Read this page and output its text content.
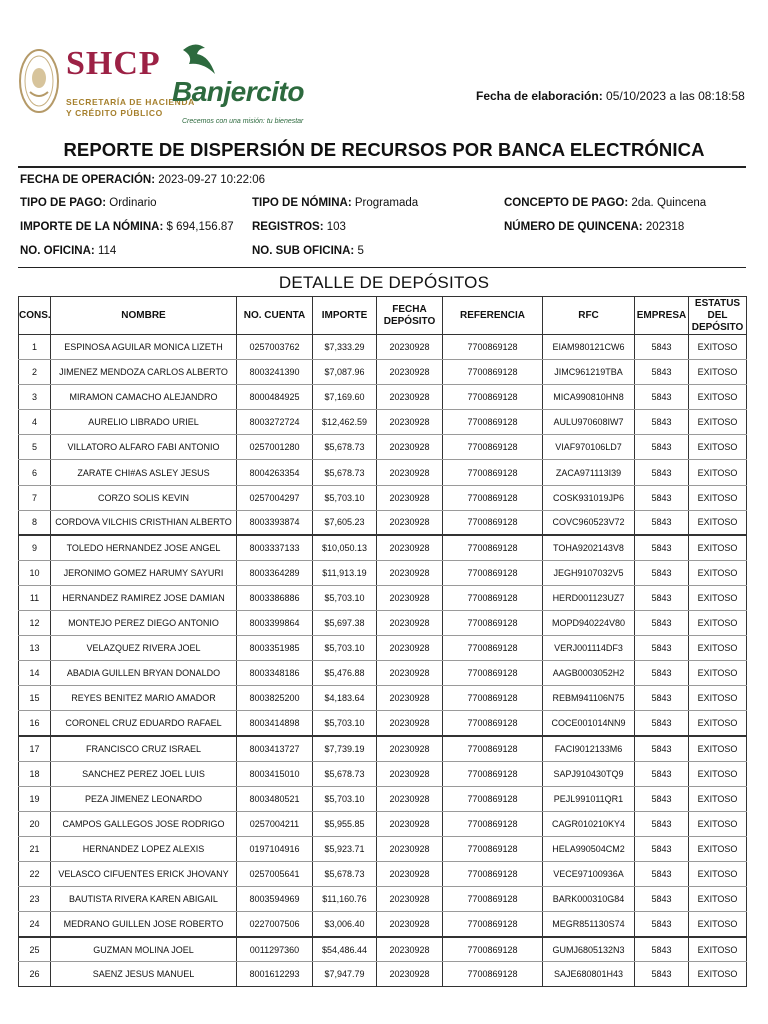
SHCP
SECRETARÍA DE HACIENDA
Y CRÉDITO PÚBLICO
Banjercito
Crecemos con una misión: tu bienestar
Fecha de elaboración: 05/10/2023 a las 08:18:58
REPORTE DE DISPERSIÓN DE RECURSOS POR BANCA ELECTRÓNICA
FECHA DE OPERACIÓN: 2023-09-27 10:22:06
TIPO DE PAGO: Ordinario	TIPO DE NÓMINA: Programada	CONCEPTO DE PAGO: 2da. Quincena
IMPORTE DE LA NÓMINA: $ 694,156.87 REGISTROS: 103	NÚMERO DE QUINCENA: 202318
NO. OFICINA: 114	NO. SUB OFICINA: 5
DETALLE DE DEPÓSITOS
CONS.	NOMBRE	NO. CUENTA	IMPORTE	FECHA
DEPÓSITO	REFERENCIA	RFC	EMPRESA	ESTATUS DEL
DEPÓSITO
1	ESPINOSA AGUILAR MONICA LIZETH	0257003762	$7,333.29	20230928	7700869128	EIAM980121CW6	5843	EXITOSO
2	JIMENEZ MENDOZA CARLOS ALBERTO	8003241390	$7,087.96	20230928	7700869128	JIMC961219TBA	5843	EXITOSO
3	MIRAMON CAMACHO ALEJANDRO	8000484925	$7,169.60	20230928	7700869128	MICA990810HN8	5843	EXITOSO
4	AURELIO LIBRADO URIEL	8003272724	$12,462.59	20230928	7700869128	AULU970608IW7	5843	EXITOSO
5	VILLATORO ALFARO FABI ANTONIO	0257001280	$5,678.73	20230928	7700869128	VIAF970106LD7	5843	EXITOSO
6	ZARATE CHI#AS ASLEY JESUS	8004263354	$5,678.73	20230928	7700869128	ZACA971113I39	5843	EXITOSO
7	CORZO SOLIS KEVIN	0257004297	$5,703.10	20230928	7700869128	COSK931019JP6	5843	EXITOSO
8	CORDOVA VILCHIS CRISTHIAN ALBERTO	8003393874	$7,605.23	20230928	7700869128	COVC960523V72	5843	EXITOSO
9	TOLEDO HERNANDEZ JOSE ANGEL	8003337133	$10,050.13	20230928	7700869128	TOHA9202143V8	5843	EXITOSO
10	JERONIMO GOMEZ HARUMY SAYURI	8003364289	$11,913.19	20230928	7700869128	JEGH9107032V5	5843	EXITOSO
11	HERNANDEZ RAMIREZ JOSE DAMIAN	8003386886	$5,703.10	20230928	7700869128	HERD001123UZ7	5843	EXITOSO
12	MONTEJO PEREZ DIEGO ANTONIO	8003399864	$5,697.38	20230928	7700869128	MOPD940224V80	5843	EXITOSO
13	VELAZQUEZ RIVERA JOEL	8003351985	$5,703.10	20230928	7700869128	VERJ001114DF3	5843	EXITOSO
14	ABADIA GUILLEN BRYAN DONALDO	8003348186	$5,476.88	20230928	7700869128	AAGB0003052H2	5843	EXITOSO
15	REYES BENITEZ MARIO AMADOR	8003825200	$4,183.64	20230928	7700869128	REBM941106N75	5843	EXITOSO
16	CORONEL CRUZ EDUARDO RAFAEL	8003414898	$5,703.10	20230928	7700869128	COCE001014NN9	5843	EXITOSO
17	FRANCISCO CRUZ ISRAEL	8003413727	$7,739.19	20230928	7700869128	FACI9012133M6	5843	EXITOSO
18	SANCHEZ PEREZ JOEL LUIS	8003415010	$5,678.73	20230928	7700869128	SAPJ910430TQ9	5843	EXITOSO
19	PEZA JIMENEZ LEONARDO	8003480521	$5,703.10	20230928	7700869128	PEJL991011QR1	5843	EXITOSO
20	CAMPOS GALLEGOS JOSE RODRIGO	0257004211	$5,955.85	20230928	7700869128	CAGR010210KY4	5843	EXITOSO
21	HERNANDEZ LOPEZ ALEXIS	0197104916	$5,923.71	20230928	7700869128	HELA990504CM2	5843	EXITOSO
22	VELASCO CIFUENTES ERICK JHOVANY	0257005641	$5,678.73	20230928	7700869128	VECE97100936A	5843	EXITOSO
23	BAUTISTA RIVERA KAREN ABIGAIL	8003594969	$11,160.76	20230928	7700869128	BARK000310G84	5843	EXITOSO
24	MEDRANO GUILLEN JOSE ROBERTO	0227007506	$3,006.40	20230928	7700869128	MEGR851130S74	5843	EXITOSO
25	GUZMAN MOLINA JOEL	0011297360	$54,486.44	20230928	7700869128	GUMJ6805132N3	5843	EXITOSO
26	SAENZ JESUS MANUEL	8001612293	$7,947.79	20230928	7700869128	SAJE680801H43	5843	EXITOSO
